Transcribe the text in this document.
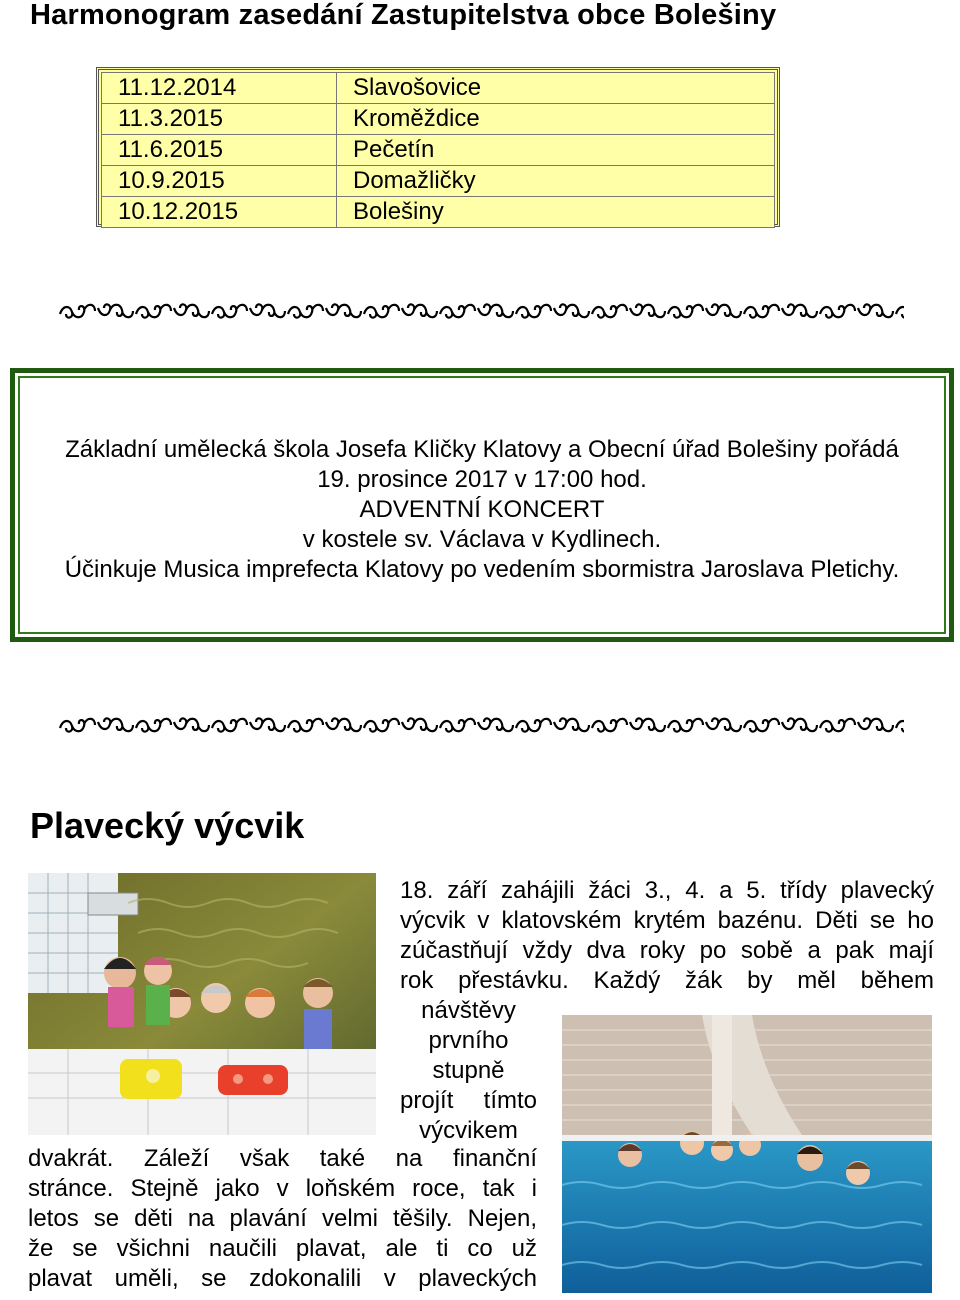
Harmonogram zasedání Zastupitelstva obce Bolešiny
11.12.2014	Slavošovice
11.3.2015	Kroměždice
11.6.2015	Pečetín
10.9.2015	Domažličky
10.12.2015	Bolešiny
Základní umělecká škola Josefa Kličky Klatovy a Obecní úřad Bolešiny pořádá
19. prosince 2017 v 17:00 hod.
ADVENTNÍ KONCERT
v kostele sv. Václava v Kydlinech.
Účinkuje Musica imprefecta Klatovy po vedením sbormistra Jaroslava Pletichy.
Plavecký výcvik
18. září zahájili žáci 3., 4. a 5. třídy plavecký
výcvik v klatovském krytém bazénu. Děti se ho
zúčastňují vždy dva roky po sobě a pak mají
rok přestávku. Každý žák by měl během
návštěvy
prvního
stupně
projít tímto
výcvikem
dvakrát. Záleží však také na finanční
stránce. Stejně jako v loňském roce, tak i
letos se děti na plavání velmi těšily. Nejen,
že se všichni naučili plavat, ale ti co už
plavat uměli, se zdokonalili v plaveckých
